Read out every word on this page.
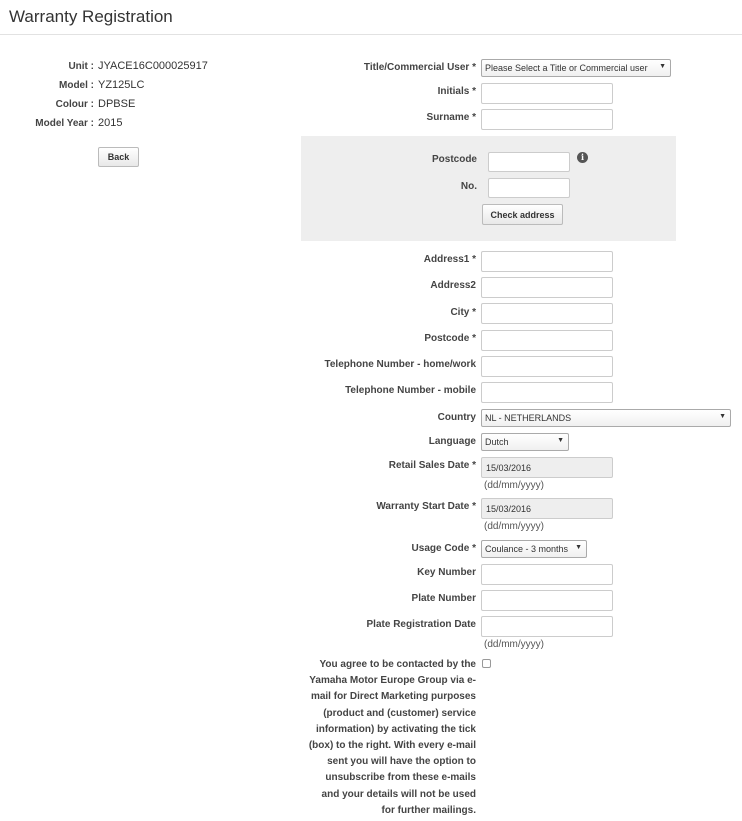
Warranty Registration
Unit : JYACE16C000025917
Model : YZ125LC
Colour : DPBSE
Model Year : 2015
Back
Title/Commercial User *	Please Select a Title or Commercial user ▼
Initials *
Surname *
Postcode	i
No.
Check address
Address1 *
Address2
City *
Postcode *
Telephone Number - home/work
Telephone Number - mobile
Country	NL - NETHERLANDS	▼
Language	Dutch	▼
Retail Sales Date *	15/03/2016
(dd/mm/yyyy)
Warranty Start Date *	15/03/2016
(dd/mm/yyyy)
Usage Code *	Coulance - 3 months ▼
Key Number
Plate Number
Plate Registration Date
(dd/mm/yyyy)
You agree to be contacted by the Yamaha Motor Europe Group via e-mail for Direct Marketing purposes (product and (customer) service information) by activating the tick (box) to the right. With every e-mail sent you will have the option to unsubscribe from these e-mails and your details will not be used for further mailings.
